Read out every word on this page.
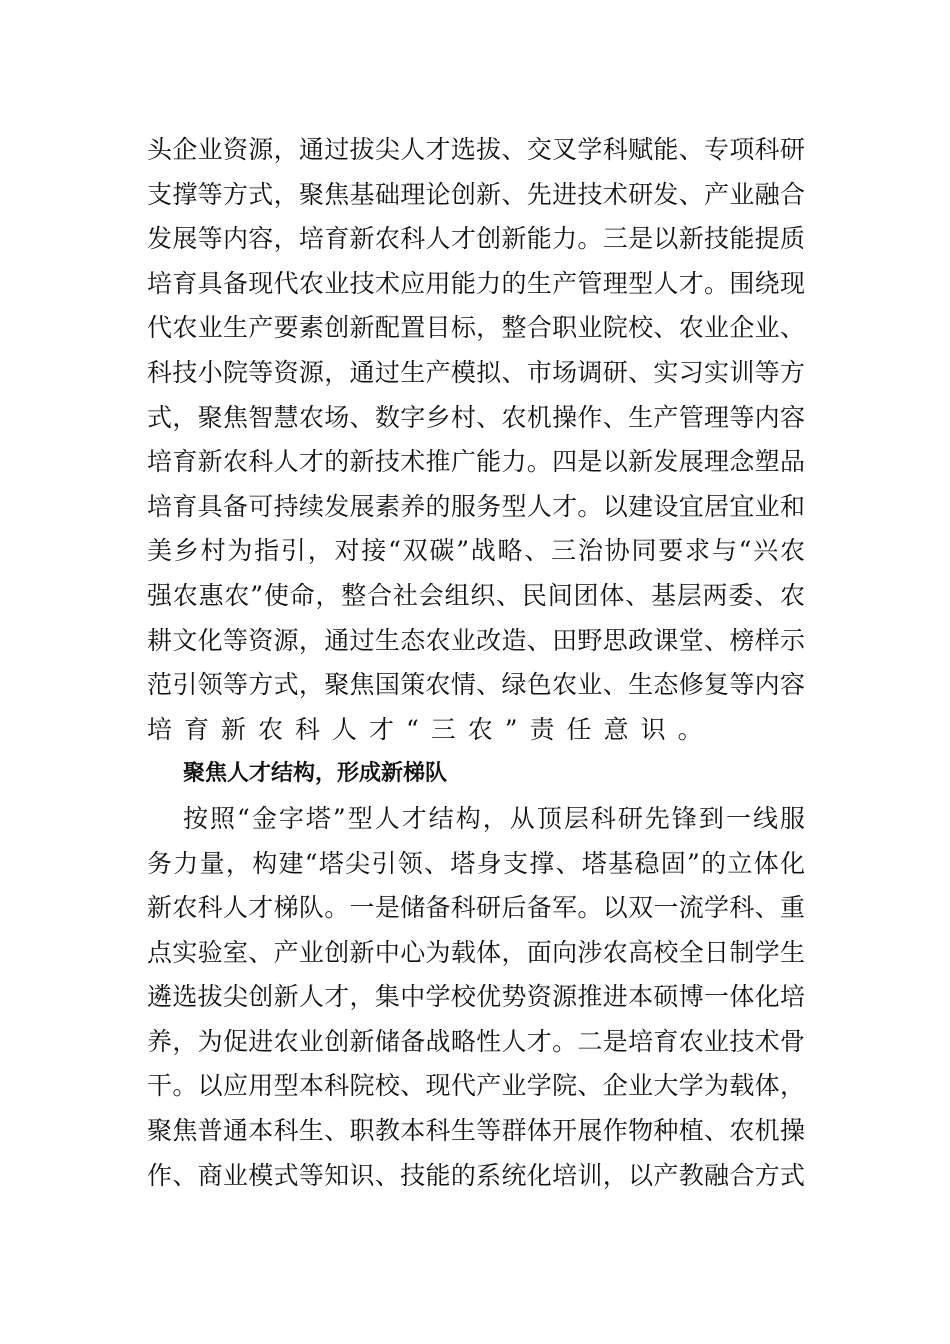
头企业资源，通过拔尖人才选拔、交叉学科赋能、专项科研
支撑等方式，聚焦基础理论创新、先进技术研发、产业融合
发展等内容，培育新农科人才创新能力。三是以新技能提质
培育具备现代农业技术应用能力的生产管理型人才。围绕现
代农业生产要素创新配置目标，整合职业院校、农业企业、
科技小院等资源，通过生产模拟、市场调研、实习实训等方
式，聚焦智慧农场、数字乡村、农机操作、生产管理等内容
培育新农科人才的新技术推广能力。四是以新发展理念塑品
培育具备可持续发展素养的服务型人才。以建设宜居宜业和
美乡村为指引，对接“双碳”战略、三治协同要求与“兴农
强农惠农”使命，整合社会组织、民间团体、基层两委、农
耕文化等资源，通过生态农业改造、田野思政课堂、榜样示
范引领等方式，聚焦国策农情、绿色农业、生态修复等内容
培育新农科人才“三农”责任意识。
聚焦人才结构，形成新梯队
按照“金字塔”型人才结构，从顶层科研先锋到一线服
务力量，构建“塔尖引领、塔身支撑、塔基稳固”的立体化
新农科人才梯队。一是储备科研后备军。以双一流学科、重
点实验室、产业创新中心为载体，面向涉农高校全日制学生
遴选拔尖创新人才，集中学校优势资源推进本硕博一体化培
养，为促进农业创新储备战略性人才。二是培育农业技术骨
干。以应用型本科院校、现代产业学院、企业大学为载体，
聚焦普通本科生、职教本科生等群体开展作物种植、农机操
作、商业模式等知识、技能的系统化培训，以产教融合方式
